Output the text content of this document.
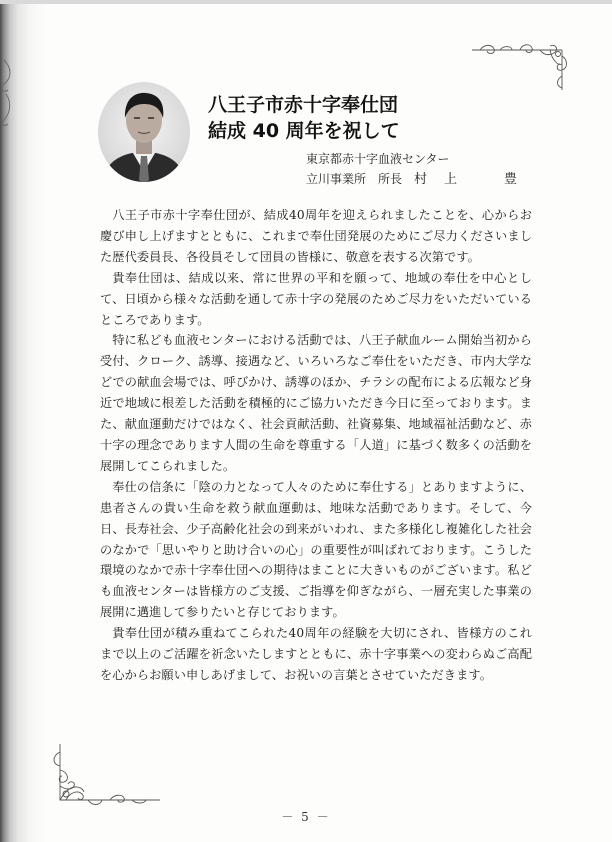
八王子市赤十字奉仕団
結成 40 周年を祝して
東京都赤十字血液センター
立川事業所　所長 村　上　　　豊

八王子市赤十字奉仕団が、結成40周年を迎えられましたことを、心からお慶び申し上げますとともに、これまで奉仕団発展のためにご尽力くださいました歴代委員長、各役員そして団員の皆様に、敬意を表する次第です。

貴奉仕団は、結成以来、常に世界の平和を願って、地域の奉仕を中心として、日頃から様々な活動を通して赤十字の発展のためご尽力をいただいているところであります。

特に私ども血液センターにおける活動では、八王子献血ルーム開始当初から受付、クローク、誘導、接遇など、いろいろなご奉仕をいただき、市内大学などでの献血会場では、呼びかけ、誘導のほか、チラシの配布による広報など身近で地域に根差した活動を積極的にご協力いただき今日に至っております。また、献血運動だけではなく、社会貢献活動、社資募集、地域福祉活動など、赤十字の理念であります人間の生命を尊重する「人道」に基づく数多くの活動を展開してこられました。

奉仕の信条に「陰の力となって人々のために奉仕する」とありますように、患者さんの貴い生命を救う献血運動は、地味な活動であります。そして、今日、長寿社会、少子高齢化社会の到来がいわれ、また多様化し複雑化した社会のなかで「思いやりと助け合いの心」の重要性が叫ばれております。こうした環境のなかで赤十字奉仕団への期待はまことに大きいものがございます。私ども血液センターは皆様方のご支援、ご指導を仰ぎながら、一層充実した事業の展開に邁進して参りたいと存じております。

貴奉仕団が積み重ねてこられた40周年の経験を大切にされ、皆様方のこれまで以上のご活躍を祈念いたしますとともに、赤十字事業への変わらぬご高配を心からお願い申しあげまして、お祝いの言葉とさせていただきます。

－ 5 －
